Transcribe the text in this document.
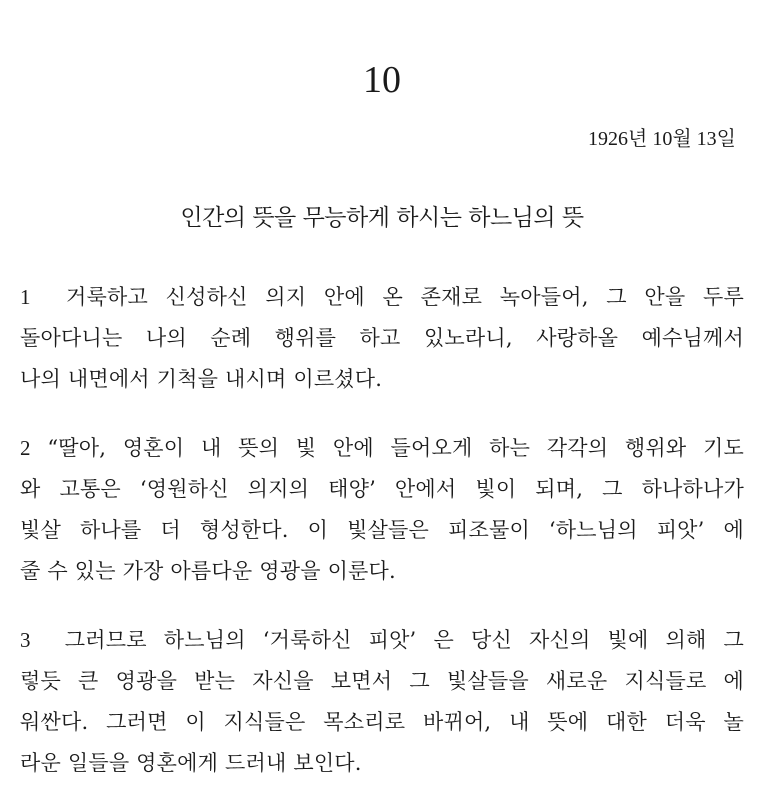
10
1926년 10월 13일
인간의 뜻을 무능하게 하시는 하느님의 뜻
1 거룩하고 신성하신 의지 안에 온 존재로 녹아들어, 그 안을 두루
돌아다니는 나의 순례 행위를 하고 있노라니, 사랑하올 예수님께서
나의 내면에서 기척을 내시며 이르셨다.
2 “딸아, 영혼이 내 뜻의 빛 안에 들어오게 하는 각각의 행위와 기도
와 고통은 ‘영원하신 의지의 태양’ 안에서 빛이 되며, 그 하나하나가
빛살 하나를 더 형성한다. 이 빛살들은 피조물이 ‘하느님의 피앗’ 에
줄 수 있는 가장 아름다운 영광을 이룬다.
3 그러므로 하느님의 ‘거룩하신 피앗’ 은 당신 자신의 빛에 의해 그
렇듯 큰 영광을 받는 자신을 보면서 그 빛살들을 새로운 지식들로 에
워싼다. 그러면 이 지식들은 목소리로 바뀌어, 내 뜻에 대한 더욱 놀
라운 일들을 영혼에게 드러내 보인다.
